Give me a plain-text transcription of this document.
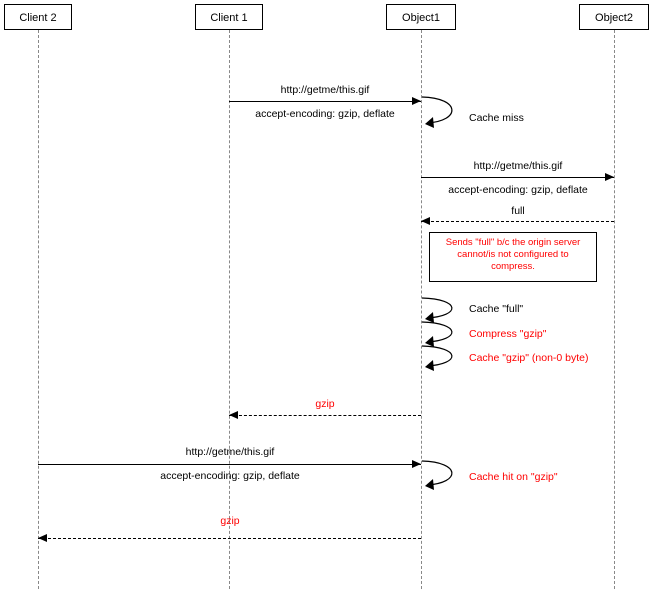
Client 2	Client 1	Object1	Object2
http://getme/this.gif
accept-encoding: gzip, deflate	Cache miss
http://getme/this.gif
accept-encoding: gzip, deflate
full
Sends "full" b/c the origin server cannot/is not configured to compress.
Cache "full"
Compress "gzip"
Cache "gzip" (non-0 byte)
gzip
http://getme/this.gif
accept-encoding: gzip, deflate	Cache hit on "gzip"
gzip
